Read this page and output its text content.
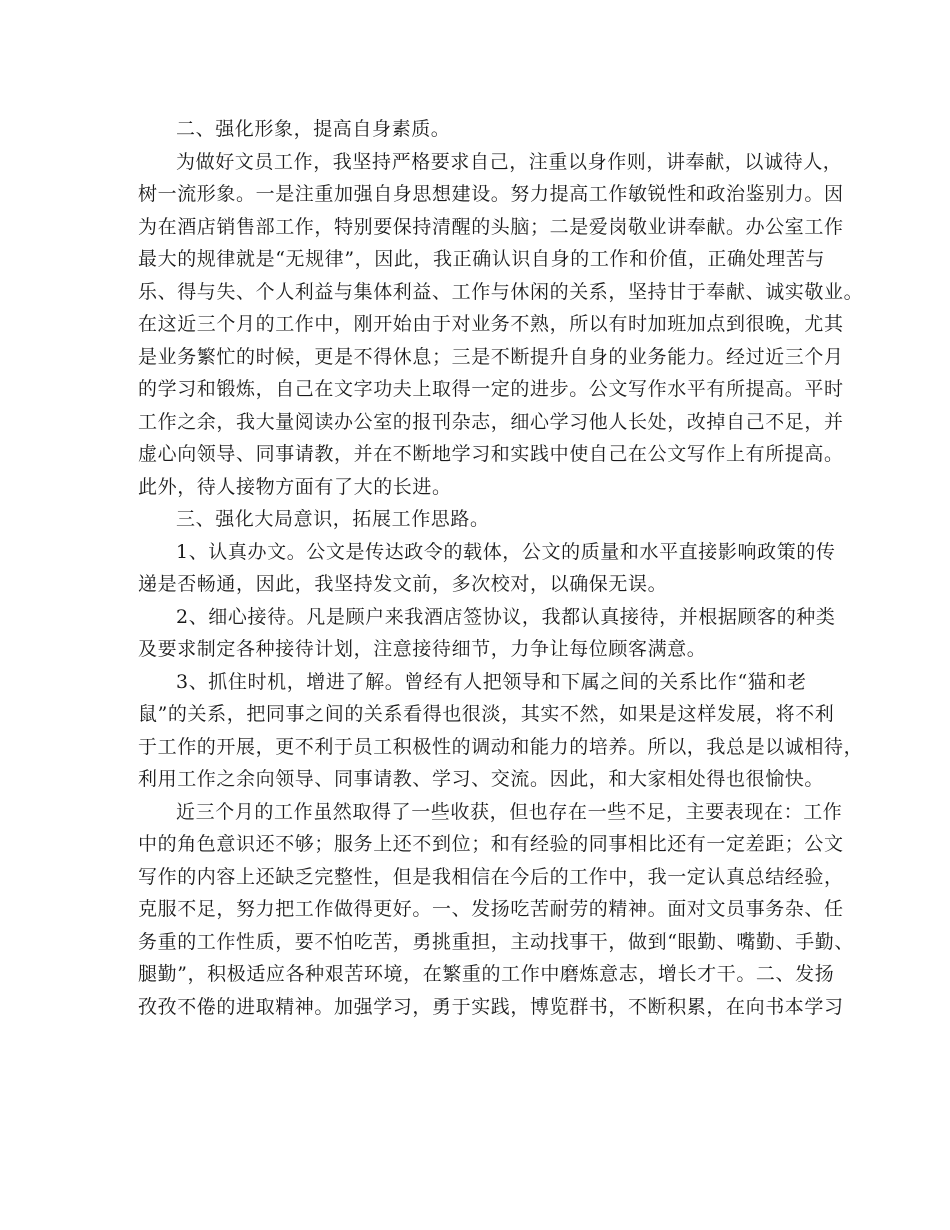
二、强化形象，提高自身素质。
为做好文员工作，我坚持严格要求自己，注重以身作则，讲奉献，以诚待人，
树一流形象。一是注重加强自身思想建设。努力提高工作敏锐性和政治鉴别力。因
为在酒店销售部工作，特别要保持清醒的头脑；二是爱岗敬业讲奉献。办公室工作
最大的规律就是“无规律”，因此，我正确认识自身的工作和价值，正确处理苦与
乐、得与失、个人利益与集体利益、工作与休闲的关系，坚持甘于奉献、诚实敬业。
在这近三个月的工作中，刚开始由于对业务不熟，所以有时加班加点到很晚，尤其
是业务繁忙的时候，更是不得休息；三是不断提升自身的业务能力。经过近三个月
的学习和锻炼，自己在文字功夫上取得一定的进步。公文写作水平有所提高。平时
工作之余，我大量阅读办公室的报刊杂志，细心学习他人长处，改掉自己不足，并
虚心向领导、同事请教，并在不断地学习和实践中使自己在公文写作上有所提高。
此外，待人接物方面有了大的长进。
三、强化大局意识，拓展工作思路。
1、认真办文。公文是传达政令的载体，公文的质量和水平直接影响政策的传
递是否畅通，因此，我坚持发文前，多次校对，以确保无误。
2、细心接待。凡是顾户来我酒店签协议，我都认真接待，并根据顾客的种类
及要求制定各种接待计划，注意接待细节，力争让每位顾客满意。
3、抓住时机，增进了解。曾经有人把领导和下属之间的关系比作“猫和老
鼠”的关系，把同事之间的关系看得也很淡，其实不然，如果是这样发展，将不利
于工作的开展，更不利于员工积极性的调动和能力的培养。所以，我总是以诚相待，
利用工作之余向领导、同事请教、学习、交流。因此，和大家相处得也很愉快。
近三个月的工作虽然取得了一些收获，但也存在一些不足，主要表现在：工作
中的角色意识还不够；服务上还不到位；和有经验的同事相比还有一定差距；公文
写作的内容上还缺乏完整性，但是我相信在今后的工作中，我一定认真总结经验，
克服不足，努力把工作做得更好。一、发扬吃苦耐劳的精神。面对文员事务杂、任
务重的工作性质，要不怕吃苦，勇挑重担，主动找事干，做到“眼勤、嘴勤、手勤、
腿勤”，积极适应各种艰苦环境，在繁重的工作中磨炼意志，增长才干。二、发扬
孜孜不倦的进取精神。加强学习，勇于实践，博览群书，不断积累，在向书本学习
